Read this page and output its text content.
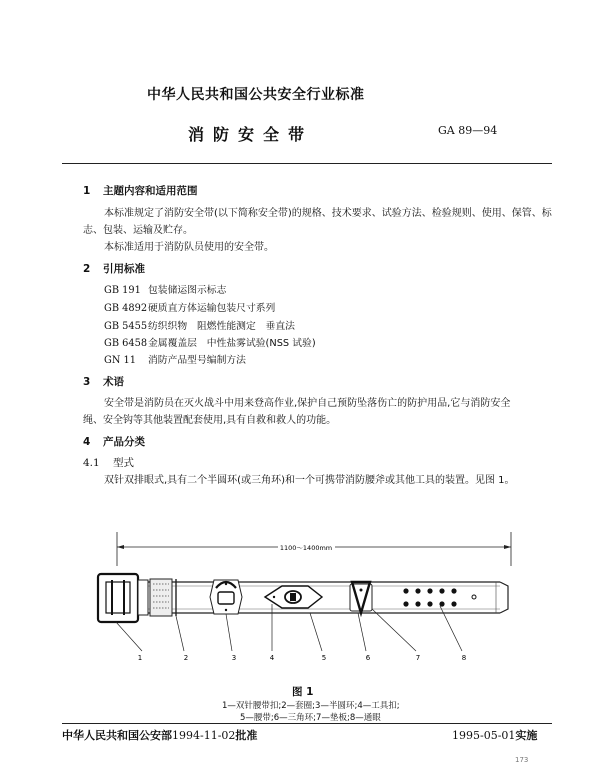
中华人民共和国公共安全行业标准
消防安全带	GA 89—94
1 主题内容和适用范围
本标准规定了消防安全带(以下简称安全带)的规格、技术要求、试验方法、检验规则、使用、保管、标
志、包装、运输及贮存。
本标准适用于消防队员使用的安全带。
2 引用标准
GB 191 包装储运图示标志
GB 4892硬质直方体运输包装尺寸系列
GB 5455纺织织物　阻燃性能测定　垂直法
GB 6458金属覆盖层　中性盐雾试验(NSS 试验)
GN 11 消防产品型号编制方法
3 术语
安全带是消防员在灭火战斗中用来登高作业,保护自己预防坠落伤亡的防护用品,它与消防安全
绳、安全钩等其他装置配套使用,具有自救和救人的功能。
4 产品分类
4.1 型式
双针双排眼式,具有二个半圆环(或三角环)和一个可携带消防腰斧或其他工具的装置。见图 1。
1100～1400mm
1	2	3	4	5	6	7	8
图 1
1—双针腰带扣;2—套圈;3—半圆环;4—工具扣;
5—腰带;6—三角环;7—垫板;8—通眼
中华人民共和国公安部1994-11-02批准	1995-05-01实施
173
